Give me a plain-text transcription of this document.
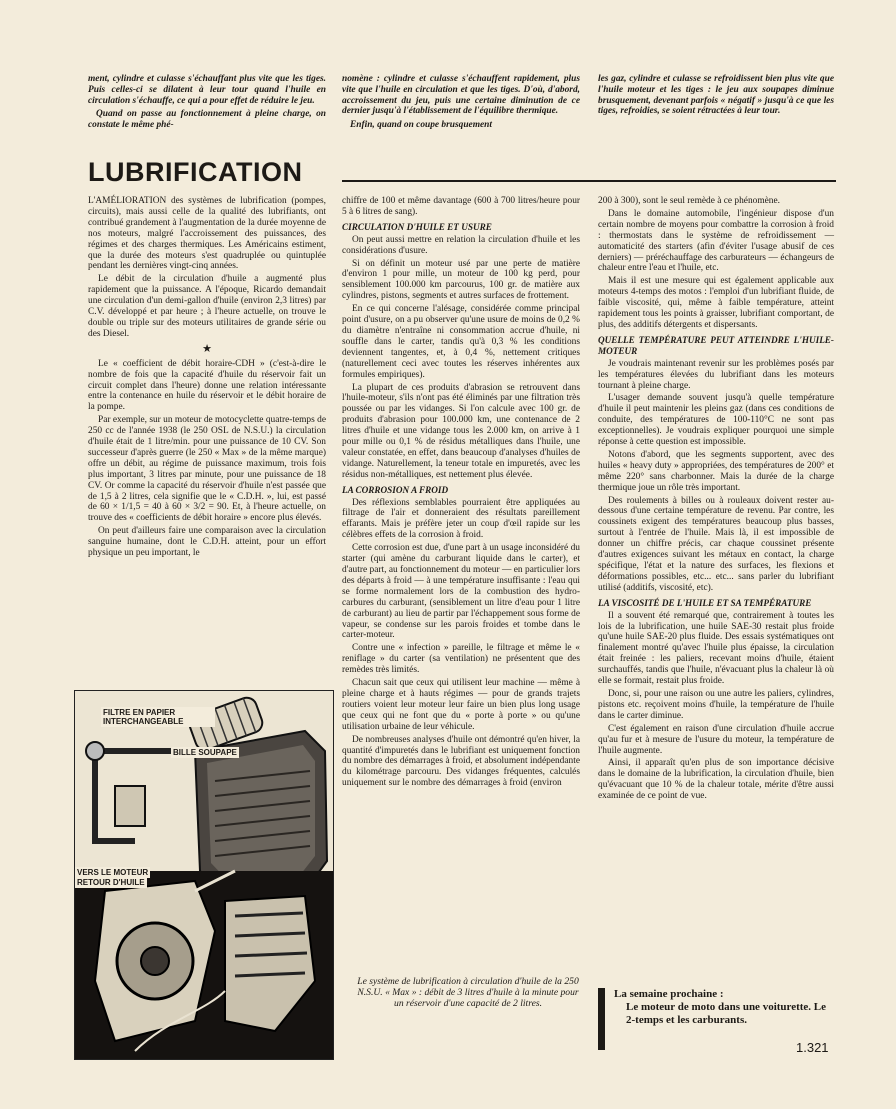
ment, cylindre et culasse s'échauffant plus vite que les tiges. Puis celles-ci se dilatent à leur tour quand l'huile en circulation s'échauffe, ce qui a pour effet de réduire le jeu.

Quand on passe au fonctionnement à pleine charge, on constate le même phé-

nomène : cylindre et culasse s'échauffent rapidement, plus vite que l'huile en circulation et que les tiges. D'où, d'abord, accroissement du jeu, puis une certaine diminution de ce dernier jusqu'à l'établissement de l'équilibre thermique.

Enfin, quand on coupe brusquement

les gaz, cylindre et culasse se refroidissent bien plus vite que l'huile moteur et les tiges : le jeu aux soupapes diminue brusquement, devenant parfois « négatif » jusqu'à ce que les tiges, refroidies, se soient rétractées à leur tour.

LUBRIFICATION

L'AMÉLIORATION des systèmes de lubrification (pompes, circuits), mais aussi celle de la qualité des lubrifiants, ont contribué grandement à l'augmentation de la durée moyenne de nos moteurs, malgré l'accroissement des puissances, des régimes et des charges thermiques. Les Américains estiment, que la durée des moteurs s'est quadruplée ou quintuplée pendant les dernières vingt-cinq années.

Le débit de la circulation d'huile a augmenté plus rapidement que la puissance. A l'époque, Ricardo demandait une circulation d'un demi-gallon d'huile (environ 2,3 litres) par C.V. développé et par heure ; à l'heure actuelle, on trouve le double ou triple sur des moteurs utilitaires de grande série ou des Diesel.

★

Le « coefficient de débit horaire-CDH » (c'est-à-dire le nombre de fois que la capacité d'huile du réservoir fait un circuit complet dans l'heure) donne une relation intéressante entre la contenance en huile du réservoir et le débit horaire de la pompe.

Par exemple, sur un moteur de motocyclette quatre-temps de 250 cc de l'année 1938 (le 250 OSL de N.S.U.) la circulation d'huile était de 1 litre/min. pour une puissance de 10 CV. Son successeur d'après guerre (le 250 « Max » de la même marque) offre un débit, au régime de puissance maximum, trois fois plus important, 3 litres par minute, pour une puissance de 18 CV. Or comme la capacité du réservoir d'huile n'est passée que de 1,5 à 2 litres, cela signifie que le « C.D.H. », lui, est passé de 60 × 1/1,5 = 40 à 60 × 3/2 = 90. Et, à l'heure actuelle, on trouve des « coefficients de débit horaire » encore plus élevés.

On peut d'ailleurs faire une comparaison avec la circulation sanguine humaine, dont le C.D.H. atteint, pour un effort physique un peu important, le

FILTRE EN PAPIER INTERCHANGEABLE
BILLE SOUPAPE
VERS LE MOTEUR
RETOUR D'HUILE

chiffre de 100 et même davantage (600 à 700 litres/heure pour 5 à 6 litres de sang).

CIRCULATION D'HUILE ET USURE

On peut aussi mettre en relation la circulation d'huile et les considérations d'usure.

Si on définit un moteur usé par une perte de matière d'environ 1 pour mille, un moteur de 100 kg perd, pour sensiblement 100.000 km parcourus, 100 gr. de matière aux cylindres, pistons, segments et autres surfaces de frottement.

En ce qui concerne l'alésage, considérée comme principal point d'usure, on a pu observer qu'une usure de moins de 0,2 % du diamètre n'entraîne ni consommation accrue d'huile, ni souffle dans le carter, tandis qu'à 0,3 % les conditions deviennent tangentes, et, à 0,4 %, nettement critiques (naturellement ceci avec toutes les réserves inhérentes aux formules empiriques).

La plupart de ces produits d'abrasion se retrouvent dans l'huile-moteur, s'ils n'ont pas été éliminés par une filtration très poussée ou par les vidanges. Si l'on calcule avec 100 gr. de produits d'abrasion pour 100.000 km, une contenance de 2 litres d'huile et une vidange tous les 2.000 km, on arrive à 1 pour mille ou 0,1 % de résidus métalliques dans l'huile, une valeur constatée, en effet, dans beaucoup d'analyses d'huiles de vidange. Naturellement, la teneur totale en impuretés, avec les résidus non-métalliques, est nettement plus élevée.

LA CORROSION A FROID

Des réflexions semblables pourraient être appliquées au filtrage de l'air et donneraient des résultats pareillement effarants. Mais je préfère jeter un coup d'œil rapide sur les célèbres effets de la corrosion à froid.

Cette corrosion est due, d'une part à un usage inconsidéré du starter (qui amène du carburant liquide dans le carter), et d'autre part, au fonctionnement du moteur — en particulier lors des départs à froid — à une température insuffisante : l'eau qui se forme normalement lors de la combustion des hydro-carbures du carburant, (sensiblement un litre d'eau pour 1 litre de carburant) au lieu de partir par l'échappement sous forme de vapeur, se condense sur les parois froides et tombe dans le carter-moteur.

Contre une « infection » pareille, le filtrage et même le « reniflage » du carter (sa ventilation) ne présentent que des remèdes très limités.

Chacun sait que ceux qui utilisent leur machine — même à pleine charge et à hauts régimes — pour de grands trajets routiers voient leur moteur leur faire un bien plus long usage que ceux qui ne font que du « porte à porte » ou qu'une utilisation urbaine de leur véhicule.

De nombreuses analyses d'huile ont démontré qu'en hiver, la quantité d'impuretés dans le lubrifiant est uniquement fonction du nombre des démarrages à froid, et absolument indépendante du kilométrage parcouru. Des vidanges fréquentes, calculés uniquement sur le nombre des démarrages à froid (environ

Le système de lubrification à circulation d'huile de la 250 N.S.U. « Max » : débit de 3 litres d'huile à la minute pour un réservoir d'une capacité de 2 litres.

200 à 300), sont le seul remède à ce phénomène.

Dans le domaine automobile, l'ingénieur dispose d'un certain nombre de moyens pour combattre la corrosion à froid : thermostats dans le système de refroidissement — automaticité des starters (afin d'éviter l'usage abusif de ces derniers) — préréchauffage des carburateurs — échangeurs de chaleur entre l'eau et l'huile, etc.

Mais il est une mesure qui est également applicable aux moteurs 4-temps des motos : l'emploi d'un lubrifiant fluide, de faible viscosité, qui, même à faible température, atteint rapidement tous les points à graisser, lubrifiant comportant, de plus, des additifs détergents et dispersants.

QUELLE TEMPÉRATURE PEUT ATTEINDRE L'HUILE-MOTEUR

Je voudrais maintenant revenir sur les problèmes posés par les températures élevées du lubrifiant dans les moteurs tournant à pleine charge.

L'usager demande souvent jusqu'à quelle température d'huile il peut maintenir les pleins gaz (dans ces conditions de conduite, des températures de 100-110°C ne sont pas exceptionnelles). Je voudrais expliquer pourquoi une simple réponse à cette question est impossible.

Notons d'abord, que les segments supportent, avec des huiles « heavy duty » appropriées, des températures de 200° et même 220° sans charbonner. Mais la durée de la charge thermique joue un rôle très important.

Des roulements à billes ou à rouleaux doivent rester au-dessous d'une certaine température de revenu. Par contre, les coussinets exigent des températures beaucoup plus basses, surtout à l'entrée de l'huile. Mais là, il est impossible de donner un chiffre précis, car chaque coussinet présente d'autres exigences suivant les métaux en contact, la charge spécifique, l'état et la nature des surfaces, les flexions et déformations possibles, etc... etc... sans parler du lubrifiant utilisé (additifs, viscosité, etc).

LA VISCOSITÉ DE L'HUILE ET SA TEMPÉRATURE

Il a souvent été remarqué que, contrairement à toutes les lois de la lubrification, une huile SAE-30 restait plus froide qu'une huile SAE-20 plus fluide. Des essais systématiques ont finalement montré qu'avec l'huile plus épaisse, la circulation était freinée : les paliers, recevant moins d'huile, étaient surchauffés, tandis que l'huile, n'évacuant plus la chaleur là où elle se formait, restait plus froide.

Donc, si, pour une raison ou une autre les paliers, cylindres, pistons etc. reçoivent moins d'huile, la température de l'huile dans le carter diminue.

C'est également en raison d'une circulation d'huile accrue qu'au fur et à mesure de l'usure du moteur, la température de l'huile augmente.

Ainsi, il apparaît qu'en plus de son importance décisive dans le domaine de la lubrification, la circulation d'huile, bien qu'évacuant que 10 % de la chaleur totale, mérite d'être aussi examinée de ce point de vue.

La semaine prochaine :
Le moteur de moto dans une voiturette. Le 2-temps et les carburants.
1.321
